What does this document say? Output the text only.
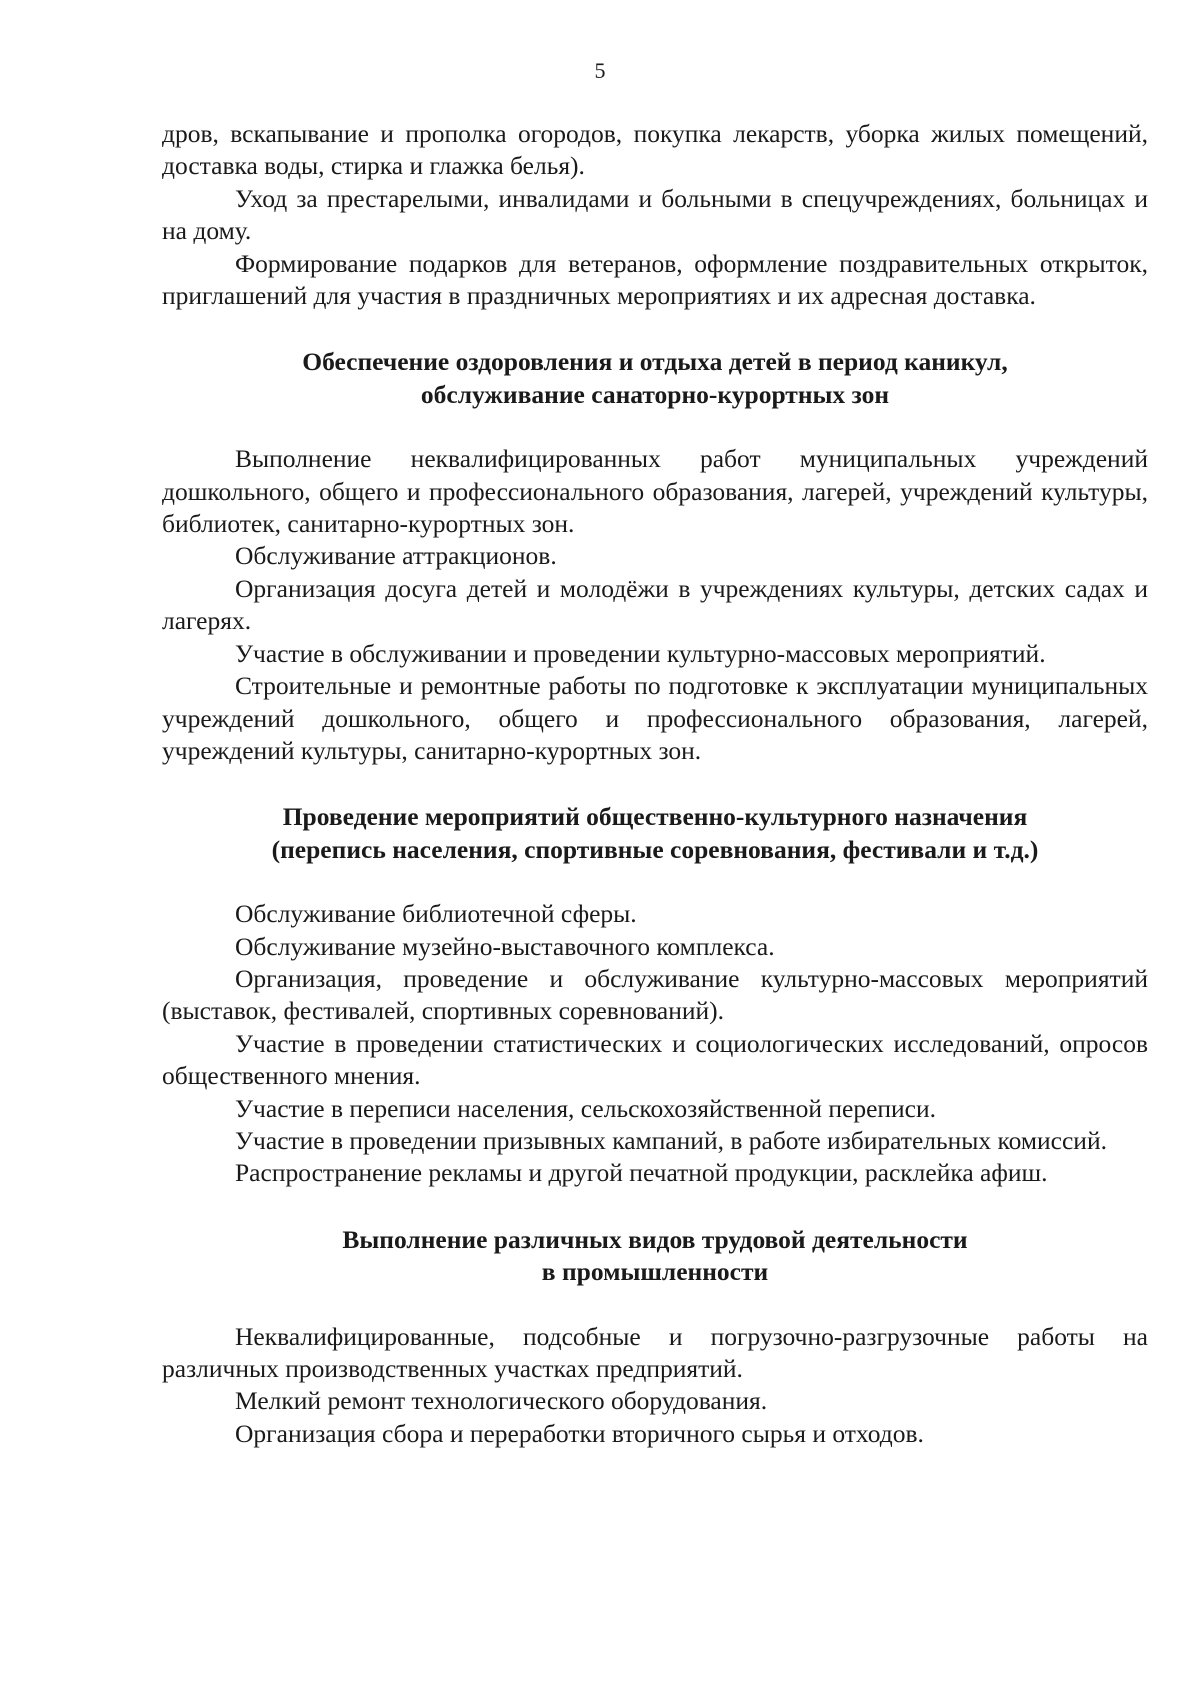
5

дров, вскапывание и прополка огородов, покупка лекарств, уборка жилых помещений, доставка воды, стирка и глажка белья).

Уход за престарелыми, инвалидами и больными в спецучреждениях, больницах и на дому.

Формирование подарков для ветеранов, оформление поздравительных открыток, приглашений для участия в праздничных мероприятиях и их адресная доставка.

Обеспечение оздоровления и отдыха детей в период каникул,

обслуживание санаторно-курортных зон

Выполнение неквалифицированных работ муниципальных учреждений дошкольного, общего и профессионального образования, лагерей, учреждений культуры, библиотек, санитарно-курортных зон.

Обслуживание аттракционов.

Организация досуга детей и молодёжи в учреждениях культуры, детских садах и лагерях.

Участие в обслуживании и проведении культурно-массовых мероприятий.

Строительные и ремонтные работы по подготовке к эксплуатации муниципальных учреждений дошкольного, общего и профессионального образования, лагерей, учреждений культуры, санитарно-курортных зон.

Проведение мероприятий общественно-культурного назначения

(перепись населения, спортивные соревнования, фестивали и т.д.)

Обслуживание библиотечной сферы.

Обслуживание музейно-выставочного комплекса.

Организация, проведение и обслуживание культурно-массовых мероприятий (выставок, фестивалей, спортивных соревнований).

Участие в проведении статистических и социологических исследований, опросов общественного мнения.

Участие в переписи населения, сельскохозяйственной переписи.

Участие в проведении призывных кампаний, в работе избирательных комиссий.

Распространение рекламы и другой печатной продукции, расклейка афиш.

Выполнение различных видов трудовой деятельности

в промышленности

Неквалифицированные, подсобные и погрузочно-разгрузочные работы на различных производственных участках предприятий.

Мелкий ремонт технологического оборудования.

Организация сбора и переработки вторичного сырья и отходов.
